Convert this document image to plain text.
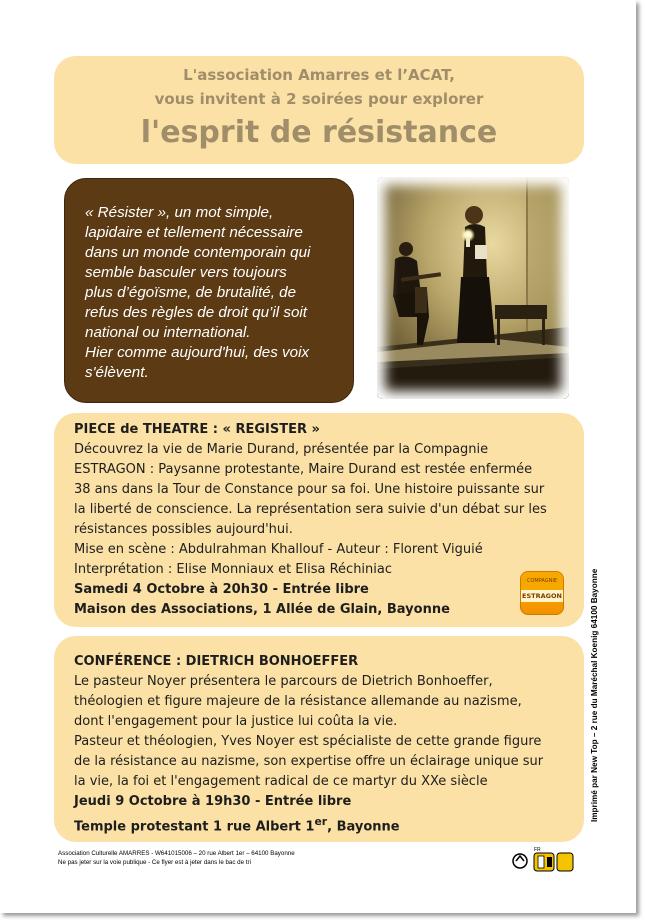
L'association Amarres et l’ACAT,
vous invitent à 2 soirées pour explorer
l'esprit de résistance

« Résister », un mot simple,

lapidaire et tellement nécessaire

dans un monde contemporain qui

semble basculer vers toujours

plus d’égoïsme, de brutalité, de

refus des règles de droit qu’il soit

national ou international.

Hier comme aujourd'hui, des voix

s'élèvent.

PIECE de THEATRE : « REGISTER »

Découvrez la vie de Marie Durand, présentée par la Compagnie

ESTRAGON : Paysanne protestante, Maire Durand est restée enfermée

38 ans dans la Tour de Constance pour sa foi. Une histoire puissante sur

la liberté de conscience. La représentation sera suivie d'un débat sur les

résistances possibles aujourd'hui.

Mise en scène : Abdulrahman Khallouf - Auteur : Florent Viguié

Interprétation : Elise Monniaux et Elisa Réchiniac

Samedi 4 Octobre à 20h30 - Entrée libre

Maison des Associations, 1 Allée de Glain, Bayonne

COMPAGNIE
ESTRAGON

CONFÉRENCE : DIETRICH BONHOEFFER

Le pasteur Noyer présentera le parcours de Dietrich Bonhoeffer,

théologien et figure majeure de la résistance allemande au nazisme,

dont l'engagement pour la justice lui coûta la vie.

Pasteur et théologien, Yves Noyer est spécialiste de cette grande figure

de la résistance au nazisme, son expertise offre un éclairage unique sur

la vie, la foi et l'engagement radical de ce martyr du XXe siècle

Jeudi 9 Octobre à 19h30 - Entrée libre

Temple protestant 1 rue Albert 1er, Bayonne

Imprimé par New Top – 2 rue du Maréchal Koenig 64100 Bayonne
Association Culturelle AMARRES - W641015006 – 20 rue Albert 1er – 64100 Bayonne
Ne pas jeter sur la voie publique - Ce flyer est à jeter dans le bac de tri
FR
